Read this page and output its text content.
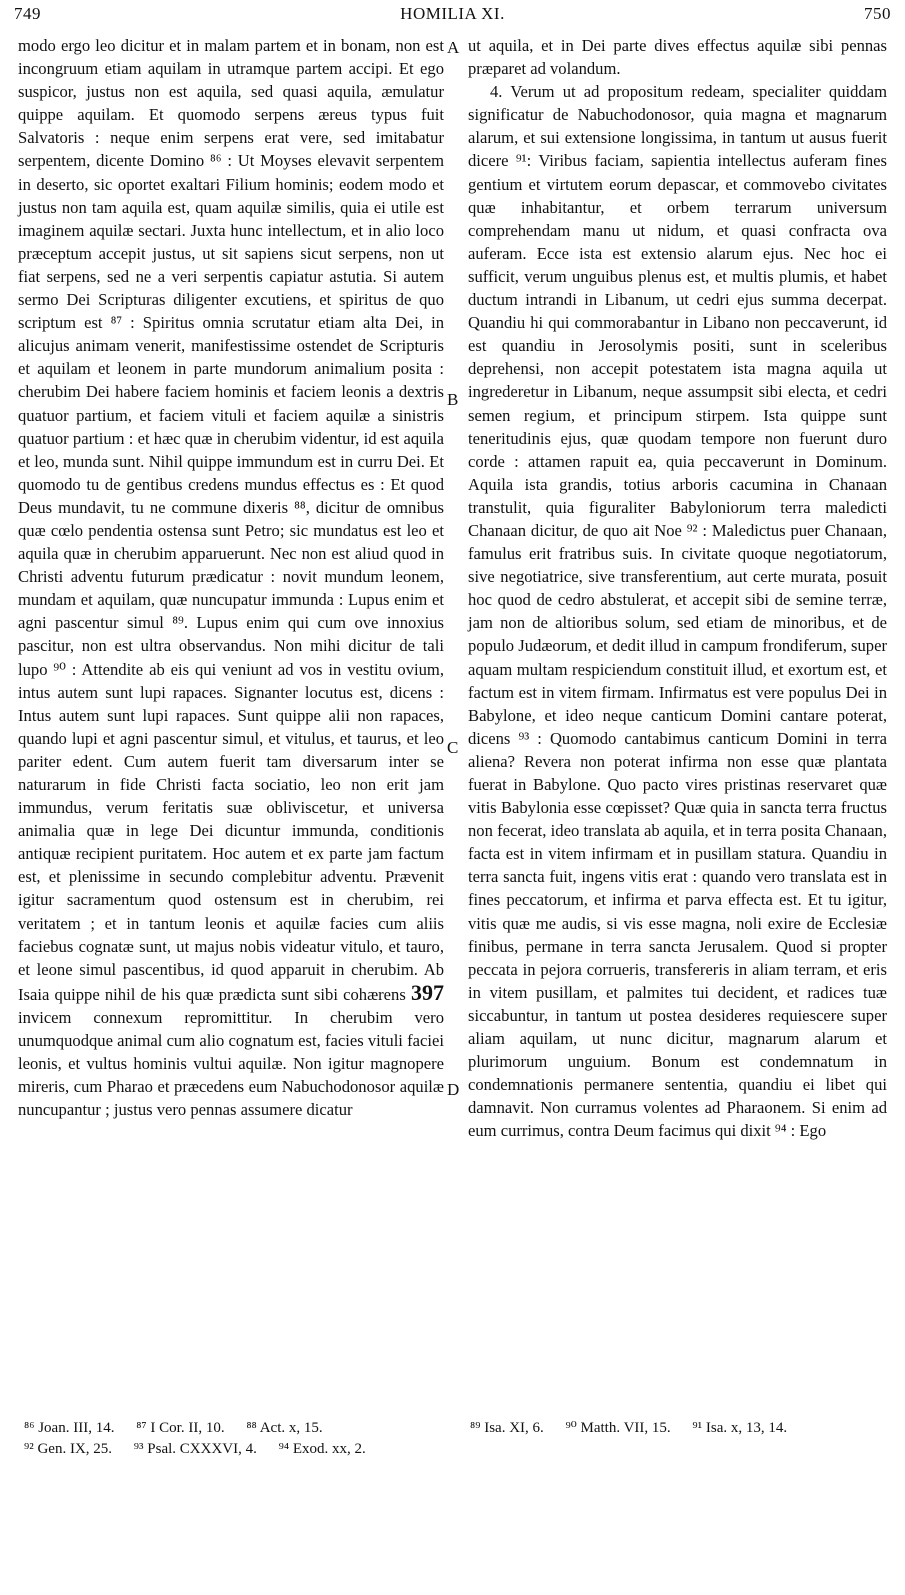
749	HOMILIA XI.	750

modo ergo leo dicitur et in malam partem et in bonam, non est incongruum etiam aquilam in utramque partem accipi. Et ego suspicor, justus non est aquila, sed quasi aquila, æmulatur quippe aquilam. Et quomodo serpens æreus typus fuit Salvatoris : neque enim serpens erat vere, sed imitabatur serpentem, dicente Domino ⁸⁶ : Ut Moyses elevavit serpentem in deserto, sic oportet exaltari Filium hominis; eodem modo et justus non tam aquila est, quam aquilæ similis, quia ei utile est imaginem aquilæ sectari. Juxta hunc intellectum, et in alio loco præceptum accepit justus, ut sit sapiens sicut serpens, non ut fiat serpens, sed ne a veri serpentis capiatur astutia. Si autem sermo Dei Scripturas diligenter excutiens, et spiritus de quo scriptum est ⁸⁷ : Spiritus omnia scrutatur etiam alta Dei, in alicujus animam venerit, manifestissime ostendet de Scripturis et aquilam et leonem in parte mundorum animalium posita : cherubim Dei habere faciem hominis et faciem leonis a dextris quatuor partium, et faciem vituli et faciem aquilæ a sinistris quatuor partium : et hæc quæ in cherubim videntur, id est aquila et leo, munda sunt. Nihil quippe immundum est in curru Dei. Et quomodo tu de gentibus credens mundus effectus es : Et quod Deus mundavit, tu ne commune dixeris ⁸⁸, dicitur de omnibus quæ cœlo pendentia ostensa sunt Petro; sic mundatus est leo et aquila quæ in cherubim apparuerunt. Nec non est aliud quod in Christi adventu futurum prædicatur : novit mundum leonem, mundam et aquilam, quæ nuncupatur immunda : Lupus enim et agni pascentur simul ⁸⁹. Lupus enim qui cum ove innoxius pascitur, non est ultra observandus. Non mihi dicitur de tali lupo ⁹⁰ : Attendite ab eis qui veniunt ad vos in vestitu ovium, intus autem sunt lupi rapaces. Signanter locutus est, dicens : Intus autem sunt lupi rapaces. Sunt quippe alii non rapaces, quando lupi et agni pascentur simul, et vitulus, et taurus, et leo pariter edent. Cum autem fuerit tam diversarum inter se naturarum in fide Christi facta sociatio, leo non erit jam immundus, verum feritatis suæ obliviscetur, et universa animalia quæ in lege Dei dicuntur immunda, conditionis antiquæ recipient puritatem. Hoc autem et ex parte jam factum est, et plenissime in secundo complebitur adventu. Prævenit igitur sacramentum quod ostensum est in cherubim, rei veritatem ; et in tantum leonis et aquilæ facies cum aliis faciebus cognatæ sunt, ut majus nobis videatur vitulo, et tauro, et leone simul pascentibus, id quod apparuit in cherubim. Ab Isaia quippe nihil de his quæ prædicta sunt sibi cohærens 397 invicem connexum repromittitur. In cherubim vero unumquodque animal cum alio cognatum est, facies vituli faciei leonis, et vultus hominis vultui aquilæ. Non igitur magnopere mireris, cum Pharao et præcedens eum Nabuchodonosor aquilæ nuncupantur ; justus vero pennas assumere dicatur

A
B
C
D

ut aquila, et in Dei parte dives effectus aquilæ sibi pennas præparet ad volandum.

4. Verum ut ad propositum redeam, specialiter quiddam significatur de Nabuchodonosor, quia magna et magnarum alarum, et sui extensione longissima, in tantum ut ausus fuerit dicere ⁹¹: Viribus faciam, sapientia intellectus auferam fines gentium et virtutem eorum depascar, et commovebo civitates quæ inhabitantur, et orbem terrarum universum comprehendam manu ut nidum, et quasi confracta ova auferam. Ecce ista est extensio alarum ejus. Nec hoc ei sufficit, verum unguibus plenus est, et multis plumis, et habet ductum intrandi in Libanum, ut cedri ejus summa decerpat. Quandiu hi qui commorabantur in Libano non peccaverunt, id est quandiu in Jerosolymis positi, sunt in sceleribus deprehensi, non accepit potestatem ista magna aquila ut ingrederetur in Libanum, neque assumpsit sibi electa, et cedri semen regium, et principum stirpem. Ista quippe sunt teneritudinis ejus, quæ quodam tempore non fuerunt duro corde : attamen rapuit ea, quia peccaverunt in Dominum. Aquila ista grandis, totius arboris cacumina in Chanaan transtulit, quia figuraliter Babyloniorum terra maledicti Chanaan dicitur, de quo ait Noe ⁹² : Maledictus puer Chanaan, famulus erit fratribus suis. In civitate quoque negotiatorum, sive negotiatrice, sive transferentium, aut certe murata, posuit hoc quod de cedro abstulerat, et accepit sibi de semine terræ, jam non de altioribus solum, sed etiam de minoribus, et de populo Judæorum, et dedit illud in campum frondiferum, super aquam multam respiciendum constituit illud, et exortum est, et factum est in vitem firmam. Infirmatus est vere populus Dei in Babylone, et ideo neque canticum Domini cantare poterat, dicens ⁹³ : Quomodo cantabimus canticum Domini in terra aliena? Revera non poterat infirma non esse quæ plantata fuerat in Babylone. Quo pacto vires pristinas reservaret quæ vitis Babylonia esse cœpisset? Quæ quia in sancta terra fructus non fecerat, ideo translata ab aquila, et in terra posita Chanaan, facta est in vitem infirmam et in pusillam statura. Quandiu in terra sancta fuit, ingens vitis erat : quando vero translata est in fines peccatorum, et infirma et parva effecta est. Et tu igitur, vitis quæ me audis, si vis esse magna, noli exire de Ecclesiæ finibus, permane in terra sancta Jerusalem. Quod si propter peccata in pejora corrueris, transfereris in aliam terram, et eris in vitem pusillam, et palmites tui decident, et radices tuæ siccabuntur, in tantum ut postea desideres requiescere super aliam aquilam, ut nunc dicitur, magnarum alarum et plurimorum unguium. Bonum est condemnatum in condemnationis permanere sententia, quandiu ei libet qui damnavit. Non curramus volentes ad Pharaonem. Si enim ad eum currimus, contra Deum facimus qui dixit ⁹⁴ : Ego

⁸⁶ Joan. III, 14. ⁸⁷ I Cor. II, 10. ⁸⁸ Act. x, 15.
⁹² Gen. IX, 25. ⁹³ Psal. CXXXVI, 4. ⁹⁴ Exod. xx, 2.
⁸⁹ Isa. XI, 6. ⁹⁰ Matth. VII, 15. ⁹¹ Isa. x, 13, 14.
